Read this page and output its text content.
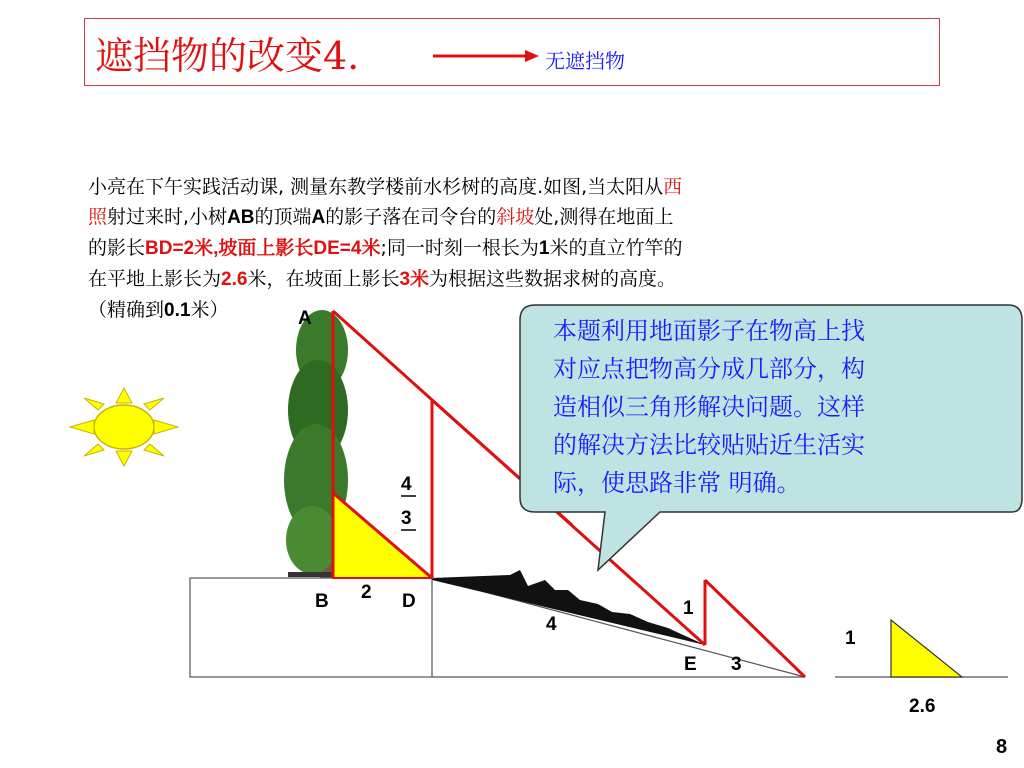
遮挡物的改变4.	无遮挡物
小亮在下午实践活动课, 测量东教学楼前水杉树的高度.如图,当太阳从西
照射过来时,小树AB的顶端A的影子落在司令台的斜坡处,测得在地面上
的影长BD=2米,坡面上影长DE=4米;同一时刻一根长为1米的直立竹竿的
在平地上影长为2.6米，在坡面上影长3米为根据这些数据求树的高度。
（精确到0.1米）
本题利用地面影子在物高上找
对应点把物高分成几部分，构
造相似三角形解决问题。这样
的解决方法比较贴贴近生活实
际，使思路非常 明确。
A
4
3
2
B	D
4
1
E 3
1
2.6
8
